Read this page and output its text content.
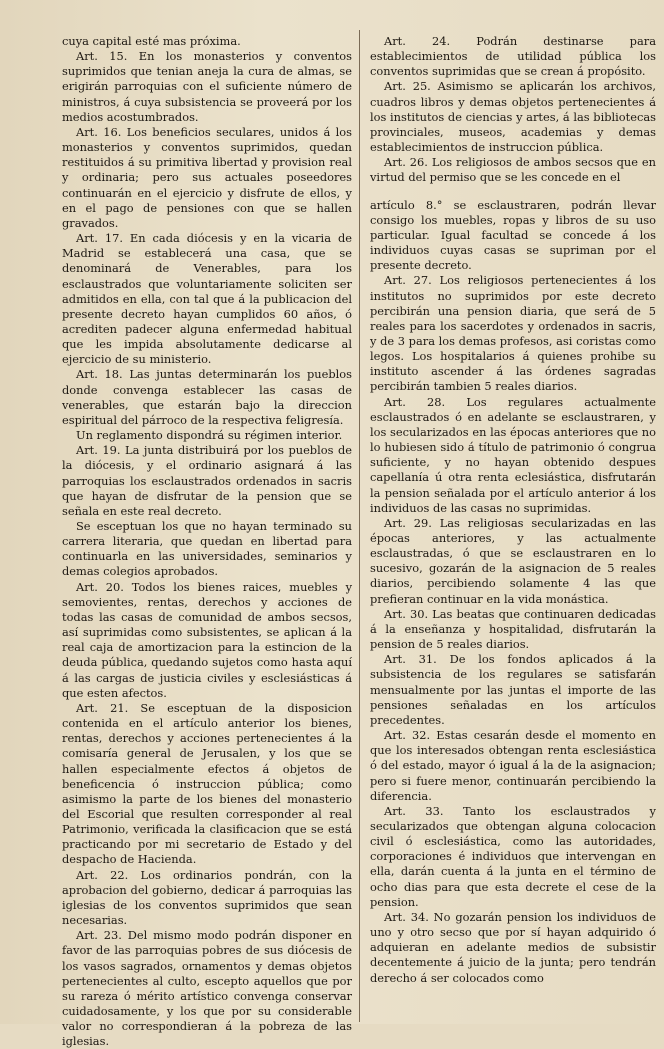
cuya capital esté mas próxima.

Art. 15. En los monasterios y conventos suprimidos que tenian aneja la cura de almas, se erigirán parroquias con el suficiente número de ministros, á cuya subsistencia se proveerá por los medios acostumbrados.

Art. 16. Los beneficios seculares, unidos á los monasterios y conventos suprimidos, quedan restituidos á su primitiva libertad y provision real y ordinaria; pero sus actuales poseedores continuarán en el ejercicio y disfrute de ellos, y en el pago de pensiones con que se hallen gravados.

Art. 17. En cada diócesis y en la vicaria de Madrid se establecerá una casa, que se denominará de Venerables, para los esclaustrados que voluntariamente soliciten ser admitidos en ella, con tal que á la publicacion del presente decreto hayan cumplidos 60 años, ó acrediten padecer alguna enfermedad habitual que les impida absolutamente dedicarse al ejercicio de su ministerio.

Art. 18. Las juntas determinarán los pueblos donde convenga establecer las casas de venerables, que estarán bajo la direccion espiritual del párroco de la respectiva feligresía.

Un reglamento dispondrá su régimen interior.

Art. 19. La junta distribuirá por los pueblos de la diócesis, y el ordinario asignará á las parroquias los esclaustrados ordenados in sacris que hayan de disfrutar de la pension que se señala en este real decreto.

Se esceptuan los que no hayan terminado su carrera literaria, que quedan en libertad para continuarla en las universidades, seminarios y demas colegios aprobados.

Art. 20. Todos los bienes raices, muebles y semovientes, rentas, derechos y acciones de todas las casas de comunidad de ambos secsos, así suprimidas como subsistentes, se aplican á la real caja de amortizacion para la estincion de la deuda pública, quedando sujetos como hasta aquí á las cargas de justicia civiles y esclesiásticas á que esten afectos.

Art. 21. Se esceptuan de la disposicion contenida en el artículo anterior los bienes, rentas, derechos y acciones pertenecientes á la comisaría general de Jerusalen, y los que se hallen especialmente efectos á objetos de beneficencia ó instruccion pública; como asimismo la parte de los bienes del monasterio del Escorial que resulten corresponder al real Patrimonio, verificada la clasificacion que se está practicando por mi secretario de Estado y del despacho de Hacienda.

Art. 22. Los ordinarios pondrán, con la aprobacion del gobierno, dedicar á parroquias las iglesias de los conventos suprimidos que sean necesarias.

Art. 23. Del mismo modo podrán disponer en favor de las parroquias pobres de sus diócesis de los vasos sagrados, ornamentos y demas objetos pertenecientes al culto, escepto aquellos que por su rareza ó mérito artístico convenga conservar cuidadosamente, y los que por su considerable valor no correspondieran á la pobreza de las iglesias.

Art. 24. Podrán destinarse para establecimientos de utilidad pública los conventos suprimidas que se crean á propósito.

Art. 25. Asimismo se aplicarán los archivos, cuadros libros y demas objetos pertenecientes á los institutos de ciencias y artes, á las bibliotecas provinciales, museos, academias y demas establecimientos de instruccion pública.

Art. 26. Los religiosos de ambos secsos que en virtud del permiso que se les concede en el

artículo 8.° se esclaustraren, podrán llevar consigo los muebles, ropas y libros de su uso particular. Igual facultad se concede á los individuos cuyas casas se supriman por el presente decreto.

Art. 27. Los religiosos pertenecientes á los institutos no suprimidos por este decreto percibirán una pension diaria, que será de 5 reales para los sacerdotes y ordenados in sacris, y de 3 para los demas profesos, asi coristas como legos. Los hospitalarios á quienes prohibe su instituto ascender á las órdenes sagradas percibirán tambien 5 reales diarios.

Art. 28. Los regulares actualmente esclaustrados ó en adelante se esclaustraren, y los secularizados en las épocas anteriores que no lo hubiesen sido á título de patrimonio ó congrua suficiente, y no hayan obtenido despues capellanía ú otra renta eclesiástica, disfrutarán la pension señalada por el artículo anterior á los individuos de las casas no suprimidas.

Art. 29. Las religiosas secularizadas en las épocas anteriores, y las actualmente esclaustradas, ó que se esclaustraren en lo sucesivo, gozarán de la asignacion de 5 reales diarios, percibiendo solamente 4 las que prefieran continuar en la vida monástica.

Art. 30. Las beatas que continuaren dedicadas á la enseñanza y hospitalidad, disfrutarán la pension de 5 reales diarios.

Art. 31. De los fondos aplicados á la subsistencia de los regulares se satisfarán mensualmente por las juntas el importe de las pensiones señaladas en los artículos precedentes.

Art. 32. Estas cesarán desde el momento en que los interesados obtengan renta esclesiástica ó del estado, mayor ó igual á la de la asignacion; pero si fuere menor, continuarán percibiendo la diferencia.

Art. 33. Tanto los esclaustrados y secularizados que obtengan alguna colocacion civil ó esclesiástica, como las autoridades, corporaciones é individuos que intervengan en ella, darán cuenta á la junta en el término de ocho dias para que esta decrete el cese de la pension.

Art. 34. No gozarán pension los individuos de uno y otro secso que por sí hayan adquirido ó adquieran en adelante medios de subsistir decentemente á juicio de la junta; pero tendrán derecho á ser colocados como
